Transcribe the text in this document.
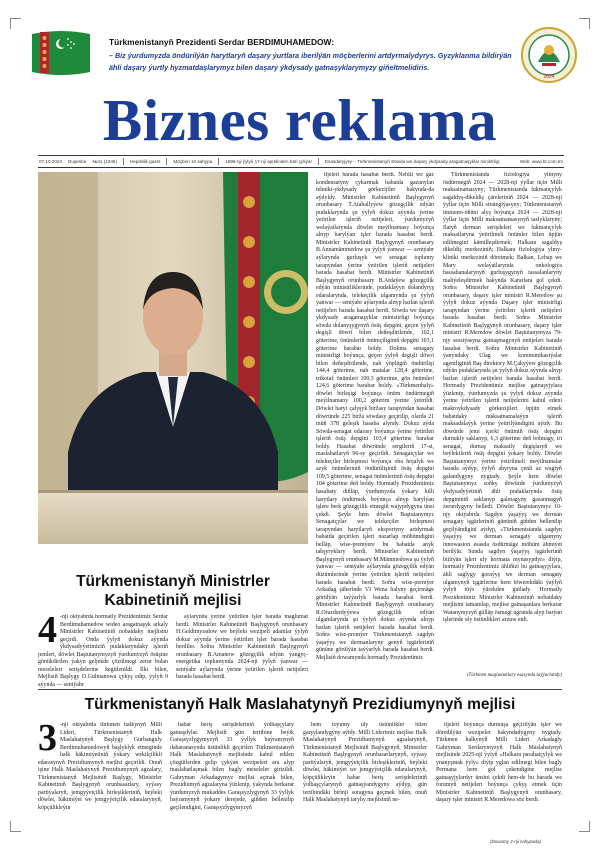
2024
Türkmenistanyň Prezidenti Serdar BERDIMUHAMEDOW:
– Biz ýurdumyzda öndürilýän harytlaryň daşary ýurtlara iberilýän möçberlerini artdyrmalydyrys. Gyzyklanma bildirýän ähli daşary ýurtly hyzmatdaşlarymyz bilen daşary ýkdysady gatnaşyklarymyzy giňeltmelidiris.
Biznes reklama
07.10.2024 Duşenbe №41 (1348)	Hepdelik gazet	Möçberi 16 sahypa	1998-nji ýylyň 17-nji aprelinden bäri çykýar	Esasdaryjysy – Türkmenistanyň Söwda we daşary ykdysady aragatnaşyklar ministrligi	Web: www.br.com.tm
Türkmenistanyň Ministrler Kabinetiniň mejlisi
4 -nji oktýabrda hormatly Prezidentimiz Serdar Berdimuhamedow wideo aragatnaşyk arkaly Ministrler Kabinetiniň nobatdaky mejlisini geçirdi. Onda ýylyň dokuz aýynda ýkdysadyýetimiziň pudaklaryndaky işleriň jemleri, döwlet Baştutanymyzyň ýurdumyzyň ösüşine gönükdirilen ýakyn geljekde çözülmegi zerur bolan meseleleri serişdelerine kegitlenildi. Ilki bilen, Mejlisiň Başlygy D.Gulmanowa çykyş edip, ýylyň 9 aýynda — sentýabr

aýlarynda ýerine ýetirilen işler barada maglumat berdi. Ministrler Kabinetiniň Başlygynyň orunbasary H.Geldimyradow we beýleki wezipeli adamlar ýylyň dokuz aýynda ýerine ýetirilen işler barada hasabat berdiler. Soňra Ministrler Kabinetiniň Başlygynyň orunbasary B.Amanow gözegçilik edýän ýangyç-energetika toplumynda 2024-nji ýylyň ýanwar — sentýabr aýlarynda ýerine ýetirilen işleriň netijeleri barada hasabat berdi.

tijeleri barada hasabat berdi. Nebitl we gaz kondensatyny çykarmak babatda gazanylan tehniki-ykdysady görkezijiler hakynda-da aýdyldy. Ministrler Kabinetiniň Başlygynyň orunbasary T.Atahallyýew gözegçilik edýän pudaklarynda şu ýylyň dokuz aýynda ýerine ýetirilen işleriň netijeleri, ýurdumyzyň welaýatlarynda döwlet meýilnamasy boýunça alnyp barylýan işler barada hasabat berdi. Ministrler Kabinetiniň Başlygynyň orunbasary B.Annamämmedow şu ýylyň ýanwar — sentýabr aýlarynda gurluşyk we senagat toplumy tarapyndan ýerine ýetirilen işleriň netijeleri barada hasabat berdi. Ministrler Kabinetiniň Başlygynyň orunbasary B.Atdaýew gözegçilik edýän ministrliklerinde, pudaklaýyn dolandyryş edaralarynda, telekeçilik ulgamynda şu ýylyň ýanwar — sentýabr aýlarynda alnyp barlan işleriň netijeleri barada hasabat berdi. Söwda we daşary ykdysady aragatnaşyklar ministirligi boýunça söwda dolanyşygynyň ösüş depgini, geçen ýylyň degişli döwri bilen deňeşdirilende, 102,1 göterime, önümleriň önümçiliginiň depgini 103,1 göterime barabar boldy. Dokma senagaty ministrligi boýunça, geçen ýylyň degişli döwri bilen deňeşdirilende, nah ýüplügiň öndürilişi 144,4 göterime, nah matalar 128,4 göterime, trikotaž önümleri 100,3 göterime, gön önümleri 124,6 göterime barabar boldy. «Türkmenhaly» döwlet birleşigi boýunça önüm öndürmegiň meýilnamany 100,2 göterim ýerine ýetirildi. Döwlet haryt çalyşyk biržasy tarapyndan hasabat döwründe 225 birža söwdasy geçirilip, olarda 21 müň 378 geleşik hasaba alyndy. Dokuz aýda Söwda-senagat edarasy boýunça ýerine ýetirilen işleriň ösüş depgini 103,4 göterime barabar boldy. Hasabat döwründe sergileriň 17-si, maslahatlaryň 96-sy geçirildi. Senagatçylar we telekeçiler birleşmesi boýunça oba hojalyk we azyk önümleriniň öndürülişiniň ösüş depgini 109,5 göterime, senagat önümleriniň ösüş depgini 104 göterime deň boldy. Hormatly Prezidentimiz hasabaty diňläp, ýurdumyzda ýokary hilli harytlary öndürmek boýunça alnyp barylýan işlere berk gözegçilik etmegiň wajypdygyna ünsi çekdi. Şeýle hem döwlet Baştutanymyz Senagatçylar we telekeçiler birleşmesi tarapyndan harytlaryň eksportyny artdyrmak babatda geçirilen işleri nazarlap möhümdigini belläp, wise-premýere bu babatda anyk tabşyryklary berdi. Ministrler Kabinetiniň Başlygynyň orunbasary M.Mämmedowa şu ýylyň ýanwar — sentýabr aýlarynda gözegçilik edýän düzümlerinde ýerine ýetirilen işleriň netijeleri barada hasabat berdi. Soňra wise-premýer Arkadag şäherinde VI Wena balyny geçirmäge görülýän taýýarlyk barada hasabat berdi. Ministrler Kabinetiniň Başlygynyň orunbasary R.Orazdurdyýewa gözegçilik edýän ulgamlarynda şu ýylyň dokuz aýynda alnyp barlan işleriň netijeleri barada hasabat berdi. Soňra wise-premýer Türkmenistanyň sagdyn ýaşaýyş we dermanlaryny genyň işgärleriniň gününe görülýän taýýarlyk barada hasabat berdi. Mejlisiň dowamynda hormatly Prezidentimiz

Türkmenistanda fiziologiýa ylmyny ösdürmegiň 2024 — 2028-nji ýyllar üçin Milli maksatnamasyny; Türkmenistanda lukmançylyk sagaldyş-dikeldiş çäreleriniň 2024 — 2028-nji ýyllar üçin Milli strategiýasyny; Türkmenistanyň immuno-öňüni alyş boýunça 2024 — 2028-nji ýyllar üçin Milli maksatnamasynyň taslyklaryny; Ilatyň derman serişdeleri we lukmançylyk maksatlaryna ýetirilmeli önümler bilen üpjün edilmegini kämilleşdirmek; Halkara sagaldyş dikeldiş merkeziniň; Halkara fiziologiýa ylmy-kliniki merkeziniň döretmek; Balkan, Lebap we Mary welaýatlarynda onkologiýa hassahanalarynyň gurluşygynyň tassalanlaryny maliýeleşdirmek hakynda Kararlara gol çekdi. Soňra Ministrler Kabinetiniň Başlygynyň orunbasary, daşary işler ministri R.Meredow şu ýylyň dokuz aýynda Daşary işler ministrligi tarapyndan ýerine ýetirilen işleriň netijeleri barada hasabat berdi. Soňra Ministrler Kabinetiniň Başlygynyň orunbasary, daşary işler ministri R.Meredow döwlet Baştutanymyza 79-njy sessiýasyna gatnaşmagynyň netijeleri barada hasabat berdi. Soňra Ministrler Kabinetiniň ýanyndaky Ulag we kommunikasiýalar agentliginiň Baş direktory M.Çakyýew gözegçilik edýän pudaklarynda şu ýylyň dokuz aýynda alnyp barlan işleriň netijeleri barada hasabat berdi. Hormatly Prezidentimiz mejlise gatnaşyjylara ýüzlenip, ýurdumyzda şu ýylyň dokuz aýynda ýerine ýetirilen işleriň netijelerini kabul edeni makroykdysady görkezijileri üpjün etmek babatdaky maksatnamalaýyn işleriň maksadalaýyk ýerine ýetirilýändigini aýtdy. Bu döwürde jemi içerki önümiň ösüş depgini durnukly saklanyp, 6,3 göterime deň bolmagy, iri senagat, durnuş maksatly degişlaryň we beýlekileriň ösüş depgini ýokary boldy. Döwlet Baştutanymyz ýerine ýetirilmeli meýilnamalar barada aýdyp, ýylyň ahyryna çenli az wagtyň galandygyny nygtady. Şeýle hem döwlet Baştutanymyz soňky döwürde ýurdumyzyň ykdysadyýetiniň ähli pudaklarynda ösüş depgininiň saklanyp galmagyny gazanmagyň zerurdygyny belledi. Döwlet Baştutanymyz 10-njy oktýabrda Sagdyn ýaşaýyş we derman senagaty işgärleriniň gününiň giňden bellenilip geçilýändigini aýdyp, «Türkmenistanda sagdyn ýaşaýyş we derman senagaty ulgamyny innowasion esasda ösdürmäge möhüm ähmiýet berilýär. Sunda sagdyn ýaşaýyş işgärleriniň bitirýän işleri uly hormata mynasypdyr» diýip, hormatly Prezidentimiz ähliňizi bu gatnaşyjylara, ähli saglygy goraýyş we derman senagaty ulgamynyň işgärlerine hem töwerekdäki ýaýlyň ýylyň tüýs ýürekden gutlady. Hormatly Prezidentimiz Ministrler Kabinetiniň nobatdaky mejlisini tamamlap, mejlise gatnaşanlara berkarar Watanymyzyň gülläp ösmegi ugrunda alyp barýan işlerinde uly üstünlikleri arzuw etdi.

(Türkmen maglumatlary esasynda taýýarlandy)

Türkmenistanyň Halk Maslahatynyň Prezidiumynyň mejlisi
3 -nji oktýabrda türkmen halkynyň Milli Lideri, Türkmenistanyň Halk Maslahatynyň Başlygy Gurbanguly Berdimuhamedowyň başlyklyk etmeginde halk häkimiýetiniň ýokary wekilçilikli edarasynyň Prezidiumynyň mejlisi geçirildi. Onuň işine Halk Maslahatynyň Prezidiumynyň agzalary, Türkmenistanyň Mejlisiniň Başlygy, Ministrler Kabinetiniň Başlygynyň orunbasarlary, syýasy partiýalaryň, jemgyýetçilik birleşikleriniň, beýleki döwlet, häkimiýet we jemgyýetçilik edaralarynyň, köpçülikleýin

habar beriş serişdeleriniň ýolbaşçylary gatnaşdylar. Mejlisiň gün tertibine beýik Garaşsyzlygymyzyň 33 ýyllyk baýramynyň dabaranasynda üstünlikli geçirilen Türkmenistanyň Halk Maslahatynyň mejlisinde kabul edilen çözgütlerden gelip çykýan wezipeleri ara alyp maslahatlaşmak bilen bagly meseleler girizildi. Gahryman Arkadagymyz mejlisi açmak bilen, Prezidiumyň agzalaryna ýüzlenip, ýakynda berkarar ýurdumyzyň mukaddes Garaşsyzlygynyň 33 ýyllyk baýramynyň ýokary derejede, giňden bellenilip geçilendigini, Garaşsyzlygymyzyň

hem toýumy uly üstünlikler bilen garşylandygyny aýtdy. Milli Liderimiz mejlise Halk Maslahatynyň Prezidiumynyň agzalarynyň, Türkmenistanyň Mejlisiniň Başlygynyň, Ministrler Kabinetiniň Başlygynyň orunbasarlarynyň, syýasy partiýalaryň, jemgyýetçilik birleşikleriniň, beýleki döwlet, häkimiýet we jemgyýetçilik edaralarynyň, köpçülikleýin habar beriş serişdeleriniň ýolbaşçylarynyň gatnaşýandygyny aýdyp, gün tertibindäki birinji soragyna geçmek bilen, onuň Halk Maslahatynyň taryhy mejlisiniň ne-

tijeleri boýunça durmuşa geçirilýän işler we döredilýän wezipeler hakyndadygyny nygtady. Türkmen halkynyň Milli Lideri Arkadagly Gahryman Serdarymyzyň Halk Maslahatynyň mejlisinde 2025-nji ýylyň «Halkara parahatçylyk we ynanyşmak ýyly» diýip yglan edilmegi bilen bagly Permana hem gol çekendigine mejlise gatnaşyjylardyr ünsini çekdi hem-de bu barada we forumyň netijeleri boýunça çykyş etmek üçin Ministrler Kabinetiniň Başlygynyň orunbasary, daşary işler ministri R.Meredowa söz berdi.

(Dowamy 2-nji sahypada)
